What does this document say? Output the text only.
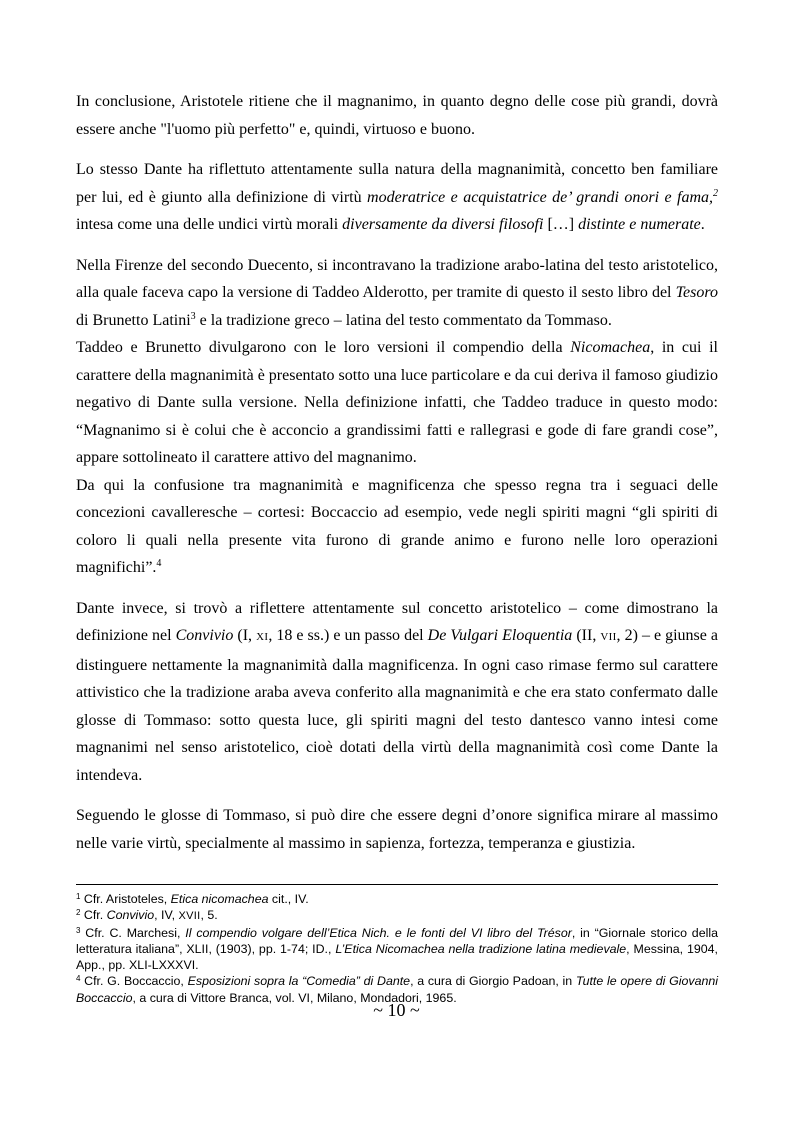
In conclusione, Aristotele ritiene che il magnanimo, in quanto degno delle cose più grandi, dovrà essere anche "l'uomo più perfetto" e, quindi, virtuoso e buono.

Lo stesso Dante ha riflettuto attentamente sulla natura della magnanimità, concetto ben familiare per lui, ed è giunto alla definizione di virtù moderatrice e acquistatrice de’ grandi onori e fama,$^2$ intesa come una delle undici virtù morali diversamente da diversi filosofi […] distinte e numerate.

Nella Firenze del secondo Duecento, si incontravano la tradizione arabo-latina del testo aristotelico, alla quale faceva capo la versione di Taddeo Alderotto, per tramite di questo il sesto libro del Tesoro di Brunetto Latini$^3$ e la tradizione greco – latina del testo commentato da Tommaso.

Taddeo e Brunetto divulgarono con le loro versioni il compendio della Nicomachea, in cui il carattere della magnanimità è presentato sotto una luce particolare e da cui deriva il famoso giudizio negativo di Dante sulla versione. Nella definizione infatti, che Taddeo traduce in questo modo: “Magnanimo si è colui che è acconcio a grandissimi fatti e rallegrasi e gode di fare grandi cose”, appare sottolineato il carattere attivo del magnanimo.

Da qui la confusione tra magnanimità e magnificenza che spesso regna tra i seguaci delle concezioni cavalleresche – cortesi: Boccaccio ad esempio, vede negli spiriti magni “gli spiriti di coloro li quali nella presente vita furono di grande animo e furono nelle loro operazioni magnifichi”.$^4$

Dante invece, si trovò a riflettere attentamente sul concetto aristotelico – come dimostrano la definizione nel Convivio (I, XI, 18 e ss.) e un passo del De Vulgari Eloquentia (II, VII, 2) – e giunse a distinguere nettamente la magnanimità dalla magnificenza. In ogni caso rimase fermo sul carattere attivistico che la tradizione araba aveva conferito alla magnanimità e che era stato confermato dalle glosse di Tommaso: sotto questa luce, gli spiriti magni del testo dantesco vanno intesi come magnanimi nel senso aristotelico, cioè dotati della virtù della magnanimità così come Dante la intendeva.

Seguendo le glosse di Tommaso, si può dire che essere degni d’onore significa mirare al massimo nelle varie virtù, specialmente al massimo in sapienza, fortezza, temperanza e giustizia.

$^1$ Cfr. Aristoteles, Etica nicomachea cit., IV.

$^2$ Cfr. Convivio, IV, XVII, 5.

$^3$ Cfr. C. Marchesi, Il compendio volgare dell’Etica Nich. e le fonti del VI libro del Trésor, in “Giornale storico della letteratura italiana”, XLII, (1903), pp. 1-74; ID., L’Etica Nicomachea nella tradizione latina medievale, Messina, 1904, App., pp. XLI-LXXXVI.

$^4$ Cfr. G. Boccaccio, Esposizioni sopra la “Comedia” di Dante, a cura di Giorgio Padoan, in Tutte le opere di Giovanni Boccaccio, a cura di Vittore Branca, vol. VI, Milano, Mondadori, 1965.

~ 10 ~
